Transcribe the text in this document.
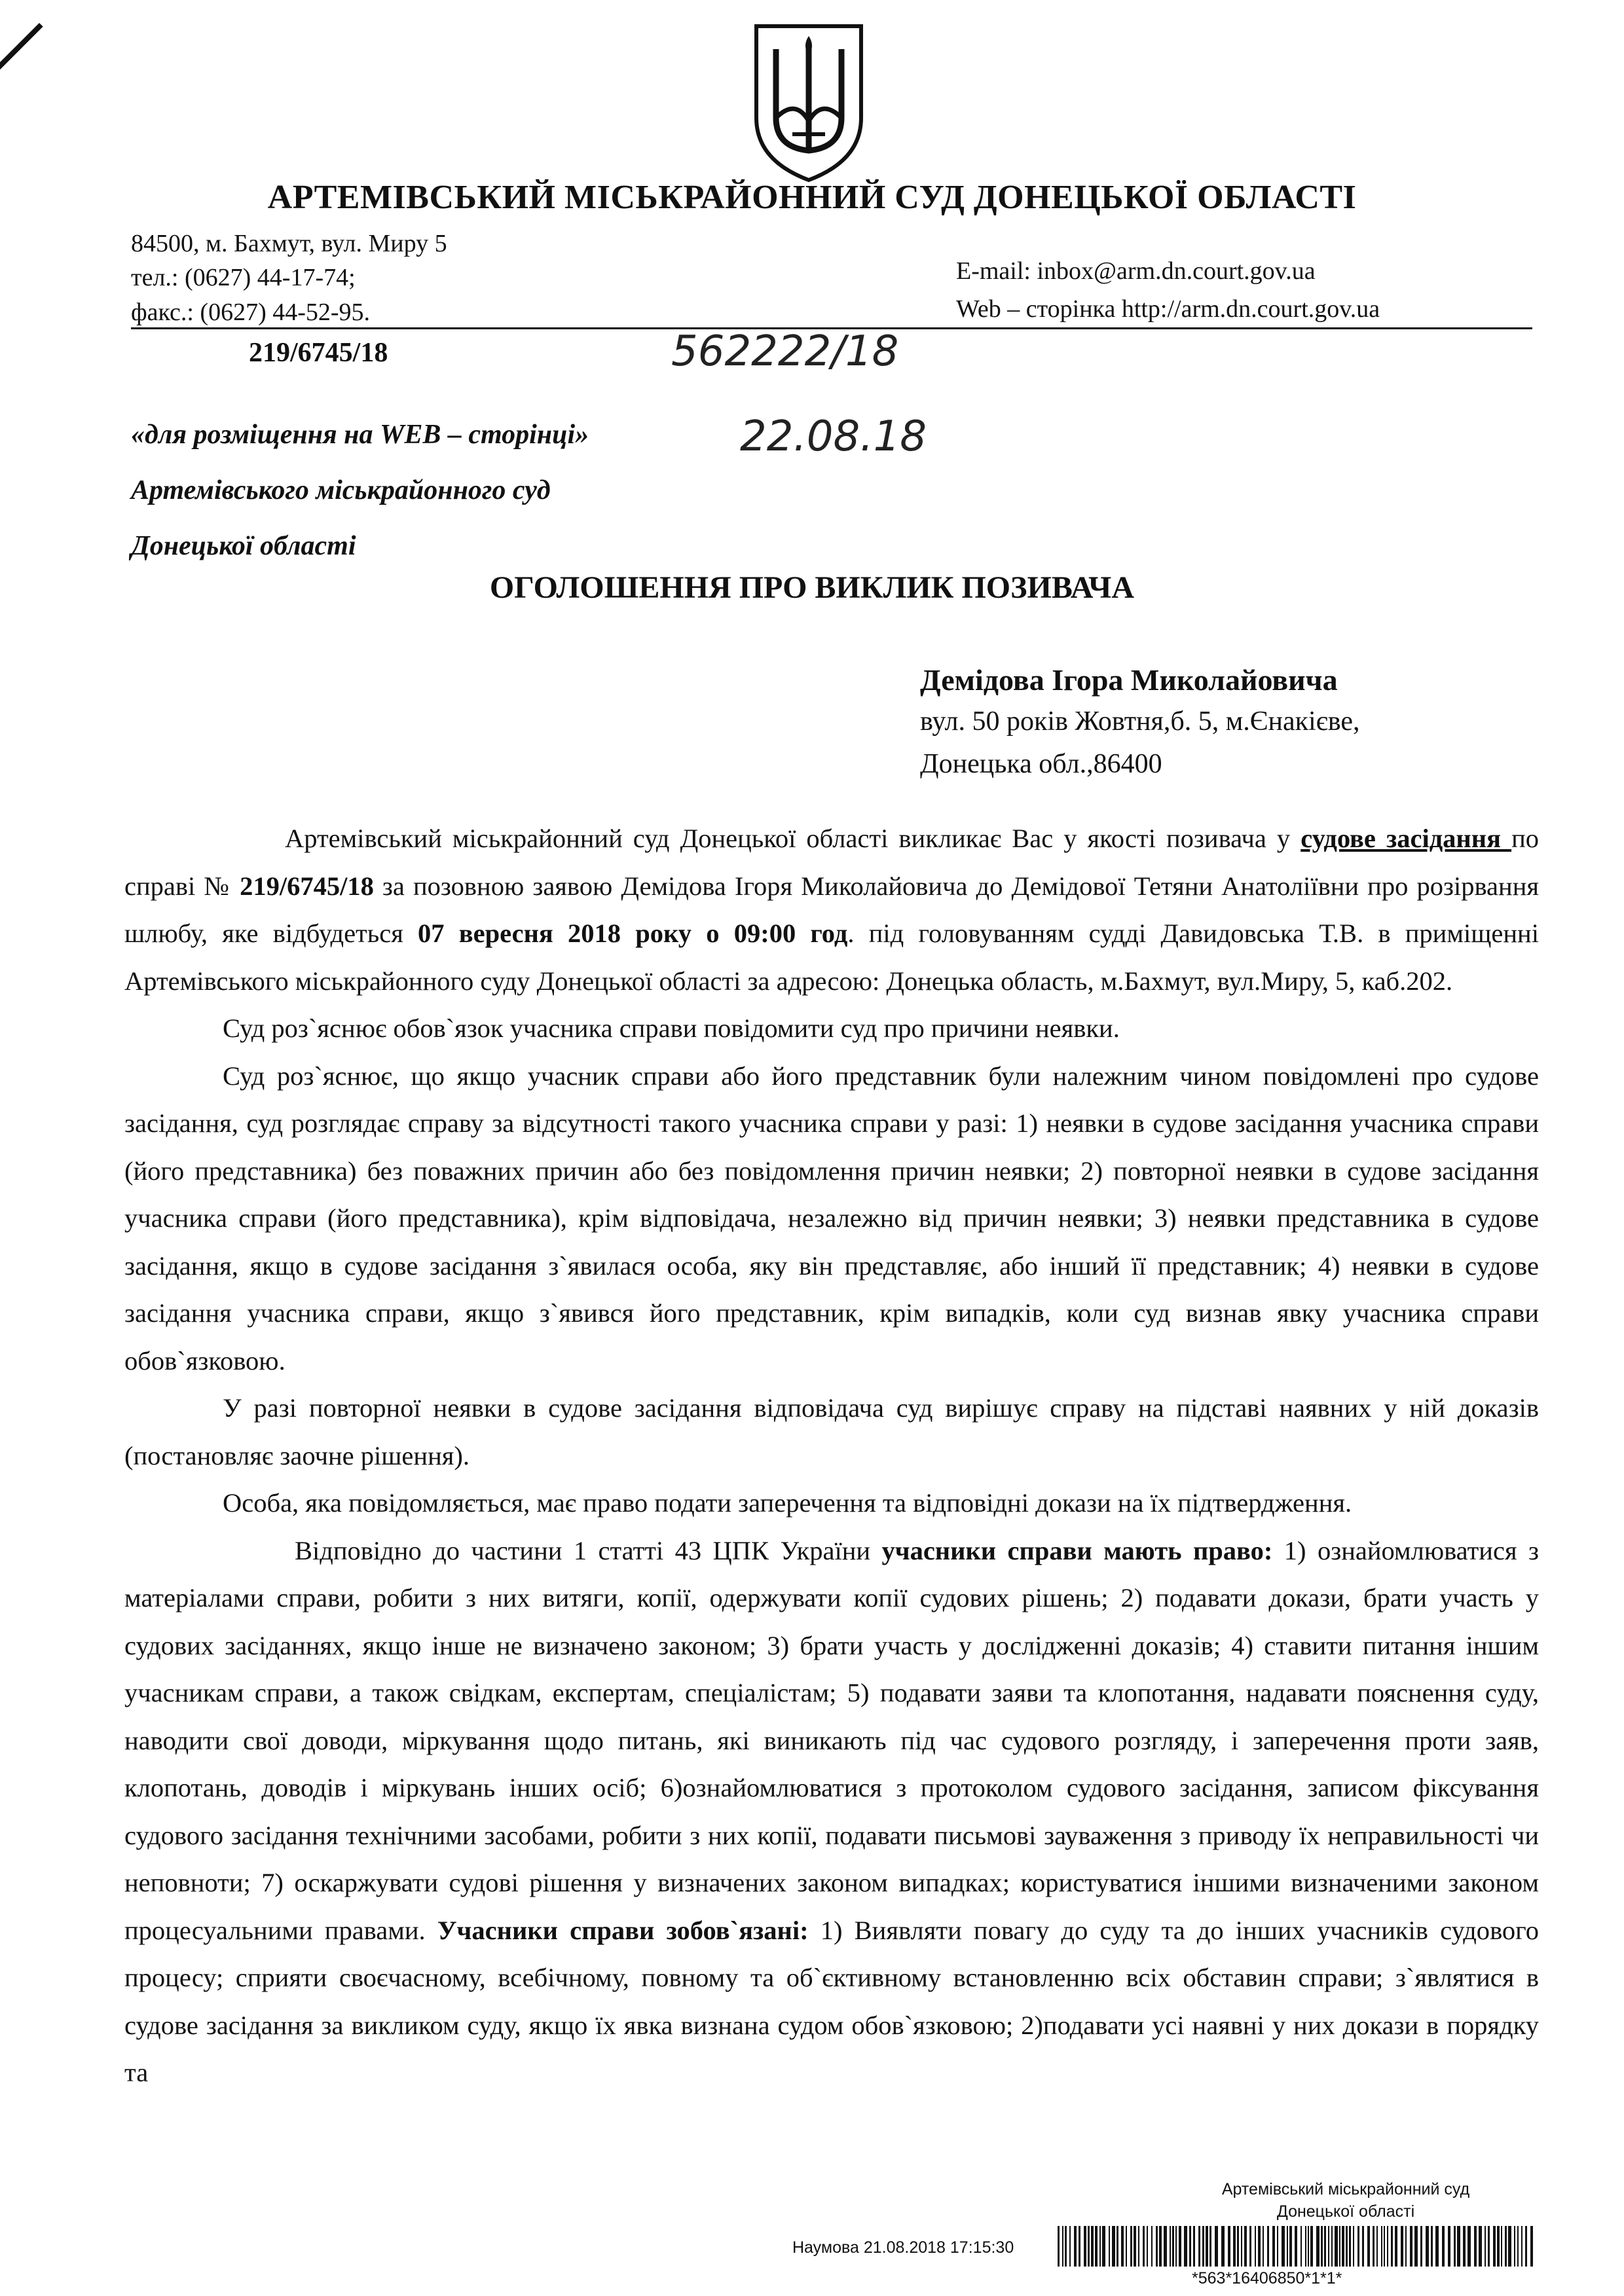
АРТЕМІВСЬКИЙ МІСЬКРАЙОННИЙ СУД ДОНЕЦЬКОЇ ОБЛАСТІ
84500, м. Бахмут, вул. Миру 5
тел.: (0627) 44-17-74;
факс.: (0627) 44-52-95.
E-mail: inbox@arm.dn.court.gov.ua
Web – сторінка http://arm.dn.court.gov.ua
219/6745/18	562222/18
22.08.18
«для розміщення на WEB – сторінці»
Артемівського міськрайонного суд
Донецької області
ОГОЛОШЕННЯ ПРО ВИКЛИК ПОЗИВАЧА
Демідова Ігора Миколайовича
вул. 50 років Жовтня,б. 5, м.Єнакієве,
Донецька обл.,86400

Артемівський міськрайонний суд Донецької області викликає Вас у якості позивача у судове засідання по справі № 219/6745/18 за позовною заявою Демідова Ігоря Миколайовича до Демідової Тетяни Анатоліївни про розірвання шлюбу, яке відбудеться 07 вересня 2018 року о 09:00 год. під головуванням судді Давидовська Т.В. в приміщенні Артемівського міськрайонного суду Донецької області за адресою: Донецька область, м.Бахмут, вул.Миру, 5, каб.202.

Суд роз`яснює обов`язок учасника справи повідомити суд про причини неявки.

Суд роз`яснює, що якщо учасник справи або його представник були належним чином повідомлені про судове засідання, суд розглядає справу за відсутності такого учасника справи у разі: 1) неявки в судове засідання учасника справи (його представника) без поважних причин або без повідомлення причин неявки; 2) повторної неявки в судове засідання учасника справи (його представника), крім відповідача, незалежно від причин неявки; 3) неявки представника в судове засідання, якщо в судове засідання з`явилася особа, яку він представляє, або інший її представник; 4) неявки в судове засідання учасника справи, якщо з`явився його представник, крім випадків, коли суд визнав явку учасника справи обов`язковою.

У разі повторної неявки в судове засідання відповідача суд вирішує справу на підставі наявних у ній доказів (постановляє заочне рішення).

Особа, яка повідомляється, має право подати заперечення та відповідні докази на їх підтвердження.

Відповідно до частини 1 статті 43 ЦПК України учасники справи мають право: 1) ознайомлюватися з матеріалами справи, робити з них витяги, копії, одержувати копії судових рішень; 2) подавати докази, брати участь у судових засіданнях, якщо інше не визначено законом; 3) брати участь у дослідженні доказів; 4) ставити питання іншим учасникам справи, а також свідкам, експертам, спеціалістам; 5) подавати заяви та клопотання, надавати пояснення суду, наводити свої доводи, міркування щодо питань, які виникають під час судового розгляду, і заперечення проти заяв, клопотань, доводів і міркувань інших осіб; 6)ознайомлюватися з протоколом судового засідання, записом фіксування судового засідання технічними засобами, робити з них копії, подавати письмові зауваження з приводу їх неправильності чи неповноти; 7) оскаржувати судові рішення у визначених законом випадках; користуватися іншими визначеними законом процесуальними правами. Учасники справи зобов`язані: 1) Виявляти повагу до суду та до інших учасників судового процесу; сприяти своєчасному, всебічному, повному та об`єктивному встановленню всіх обставин справи; з`являтися в судове засідання за викликом суду, якщо їх явка визнана судом обов`язковою; 2)подавати усі наявні у них докази в порядку та

Артемівський міськрайонний суд
Донецької області
Наумова 21.08.2018 17:15:30
*563*16406850*1*1*
